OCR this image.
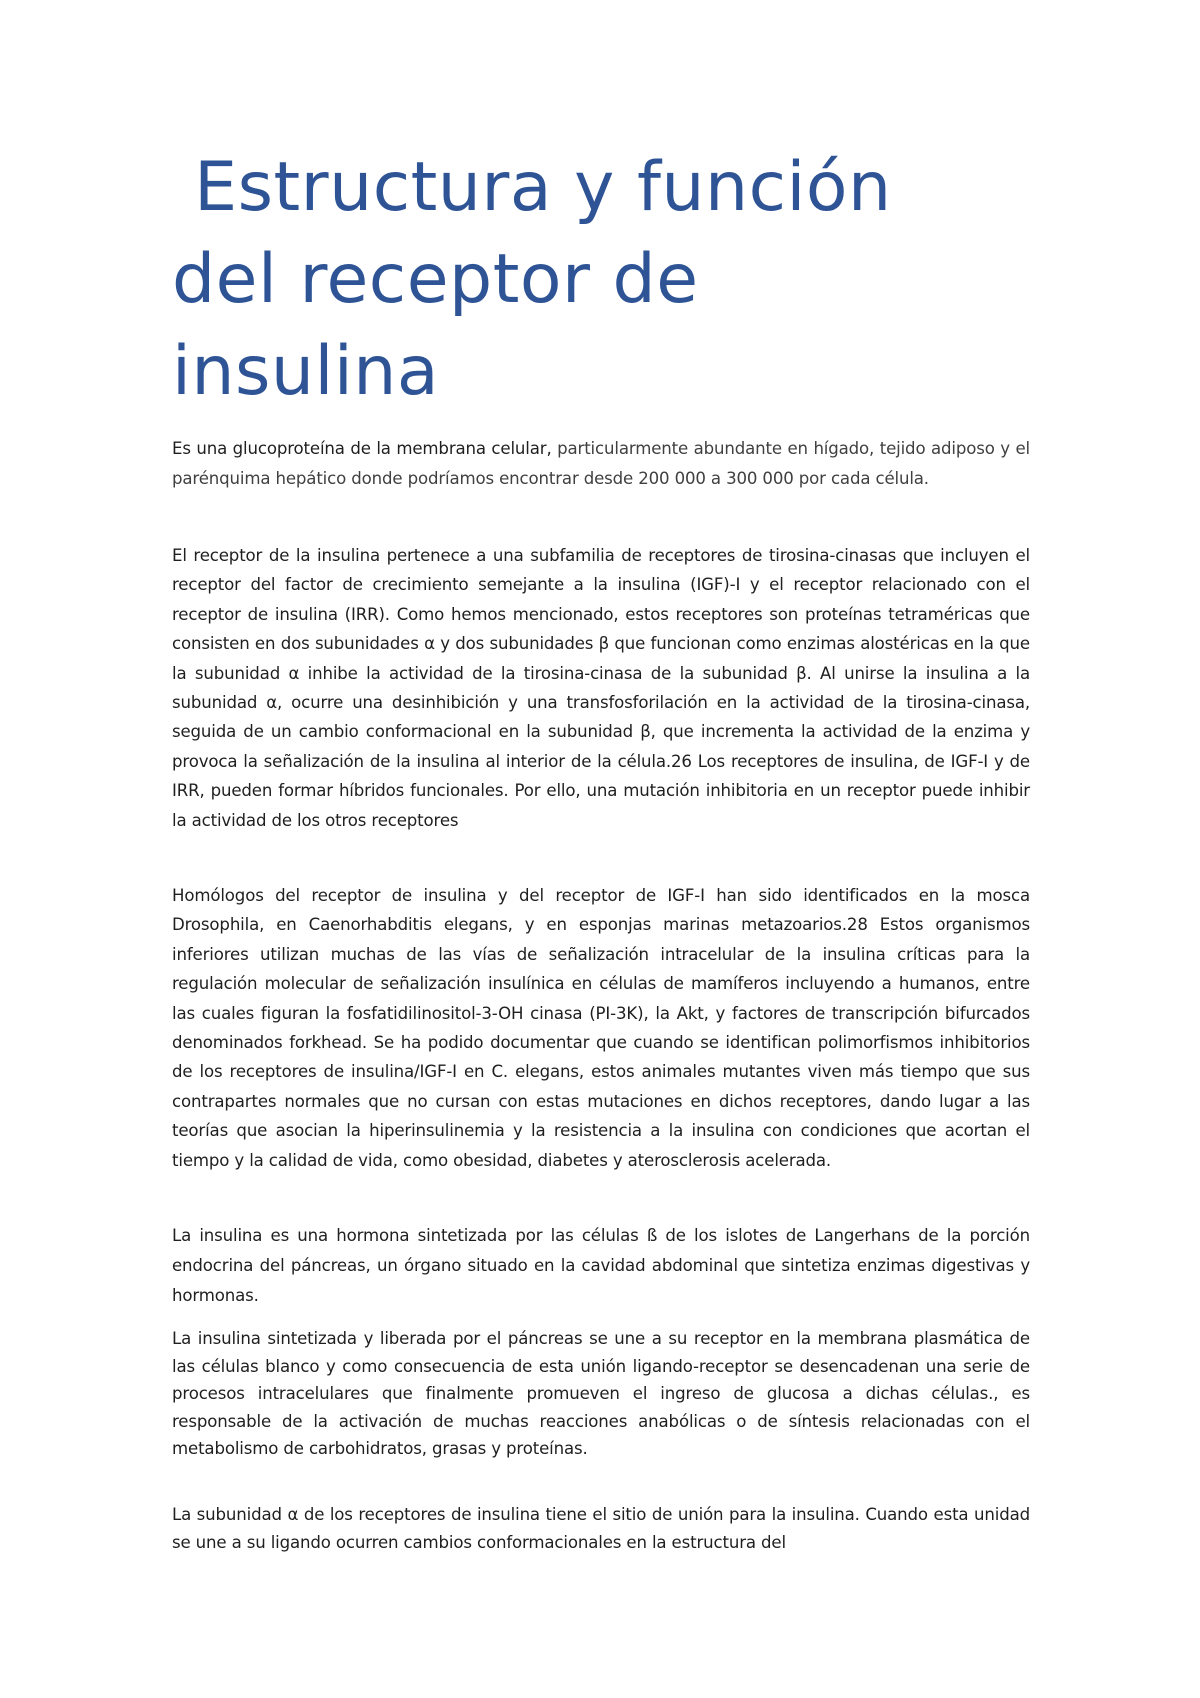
Estructura y función
del receptor de
insulina

Es una glucoproteína de la membrana celular, particularmente abundante en hígado, tejido adiposo y el parénquima hepático donde podríamos encontrar desde 200 000 a 300 000 por cada célula.

El receptor de la insulina pertenece a una subfamilia de receptores de tirosina-cinasas que incluyen el receptor del factor de crecimiento semejante a la insulina (IGF)-I y el receptor relacionado con el receptor de insulina (IRR). Como hemos mencionado, estos receptores son proteínas tetraméricas que consisten en dos subunidades α y dos subunidades β que funcionan como enzimas alostéricas en la que la subunidad α inhibe la actividad de la tirosina-cinasa de la subunidad β. Al unirse la insulina a la subunidad α, ocurre una desinhibición y una transfosforilación en la actividad de la tirosina-cinasa, seguida de un cambio conformacional en la subunidad β, que incrementa la actividad de la enzima y provoca la señalización de la insulina al interior de la célula.26 Los receptores de insulina, de IGF-I y de IRR, pueden formar híbridos funcionales. Por ello, una mutación inhibitoria en un receptor puede inhibir la actividad de los otros receptores

Homólogos del receptor de insulina y del receptor de IGF-I han sido identificados en la mosca Drosophila, en Caenorhabditis elegans, y en esponjas marinas metazoarios.28 Estos organismos inferiores utilizan muchas de las vías de señalización intracelular de la insulina críticas para la regulación molecular de señalización insulínica en células de mamíferos incluyendo a humanos, entre las cuales figuran la fosfatidilinositol-3-OH cinasa (PI-3K), la Akt, y factores de transcripción bifurcados denominados forkhead. Se ha podido documentar que cuando se identifican polimorfismos inhibitorios de los receptores de insulina/IGF-I en C. elegans, estos animales mutantes viven más tiempo que sus contrapartes normales que no cursan con estas mutaciones en dichos receptores, dando lugar a las teorías que asocian la hiperinsulinemia y la resistencia a la insulina con condiciones que acortan el tiempo y la calidad de vida, como obesidad, diabetes y aterosclerosis acelerada.

La insulina es una hormona sintetizada por las células ß de los islotes de Langerhans de la porción endocrina del páncreas, un órgano situado en la cavidad abdominal que sintetiza enzimas digestivas y hormonas.

La insulina sintetizada y liberada por el páncreas se une a su receptor en la membrana plasmática de las células blanco y como consecuencia de esta unión ligando-receptor se desencadenan una serie de procesos intracelulares que finalmente promueven el ingreso de glucosa a dichas células., es responsable de la activación de muchas reacciones anabólicas o de síntesis relacionadas con el metabolismo de carbohidratos, grasas y proteínas.

La subunidad α de los receptores de insulina tiene el sitio de unión para la insulina. Cuando esta unidad se une a su ligando ocurren cambios conformacionales en la estructura del
